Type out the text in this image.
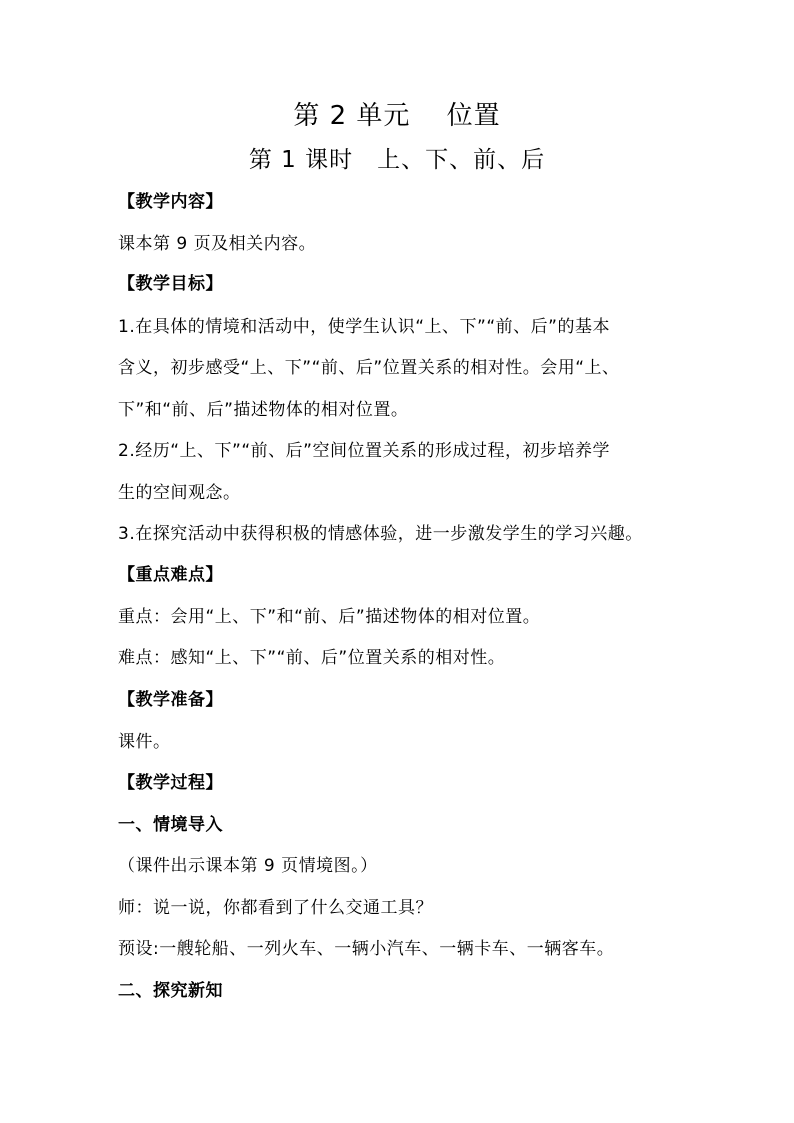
第 2 单元　 位置
第 1 课时　上、下、前、后
【教学内容】
课本第 9 页及相关内容。
【教学目标】
1.在具体的情境和活动中，使学生认识“上、下”“前、后”的基本
含义，初步感受“上、下”“前、后”位置关系的相对性。会用“上、
下”和“前、后”描述物体的相对位置。
2.经历“上、下”“前、后”空间位置关系的形成过程，初步培养学
生的空间观念。
3.在探究活动中获得积极的情感体验，进一步激发学生的学习兴趣。
【重点难点】
重点：会用“上、下”和“前、后”描述物体的相对位置。
难点：感知“上、下”“前、后”位置关系的相对性。
【教学准备】
课件。
【教学过程】
一、情境导入
（课件出示课本第 9 页情境图。）
师：说一说，你都看到了什么交通工具？
预设:一艘轮船、一列火车、一辆小汽车、一辆卡车、一辆客车。
二、探究新知
